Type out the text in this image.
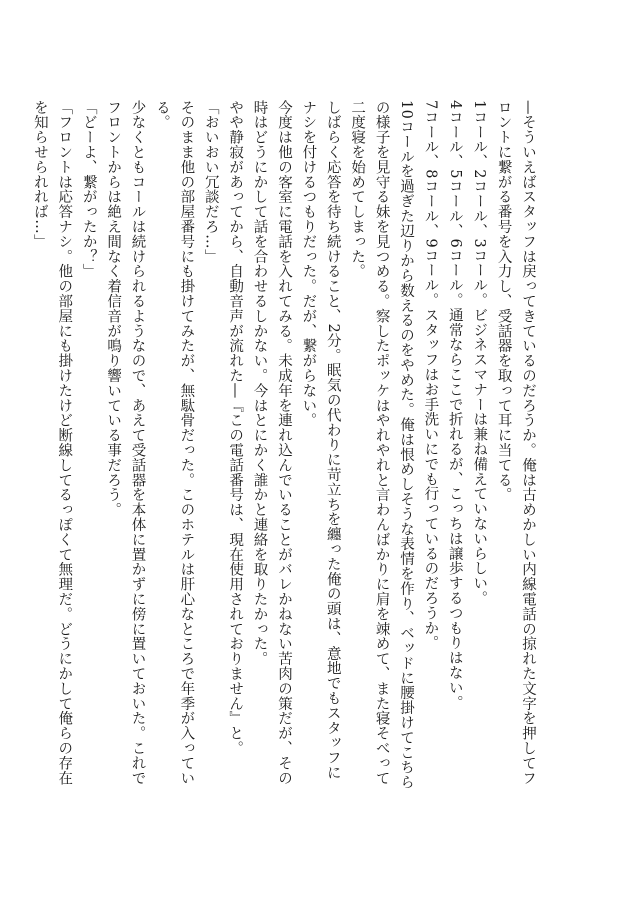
—そういえばスタッフは戻ってきているのだろうか。俺は古めかしい内線電話の掠れた文字を押してフロントに繋がる番号を入力し、受話器を取って耳に当てる。

1コール、2コール、3コール。ビジネスマナーは兼ね備えていないらしい。

4コール、5コール、6コール。通常ならここで折れるが、こっちは譲歩するつもりはない。

7コール、8コール、9コール。スタッフはお手洗いにでも行っているのだろうか。

10コールを過ぎた辺りから数えるのをやめた。俺は恨めしそうな表情を作り、ベッドに腰掛けてこちらの様子を見守る妹を見つめる。察したポッケはやれやれと言わんばかりに肩を竦めて、また寝そべって二度寝を始めてしまった。

しばらく応答を待ち続けること、2分。眠気の代わりに苛立ちを纏った俺の頭は、意地でもスタッフにナシを付けるつもりだった。だが、繋がらない。

今度は他の客室に電話を入れてみる。未成年を連れ込んでいることがバレかねない苦肉の策だが、その時はどうにかして話を合わせるしかない。今はとにかく誰かと連絡を取りたかった。

やや静寂があってから、自動音声が流れた―『この電話番号は、現在使用されておりません』と。

「おいおい冗談だろ…」

そのまま他の部屋番号にも掛けてみたが、無駄骨だった。このホテルは肝心なところで年季が入っている。

少なくともコールは続けられるようなので、あえて受話器を本体に置かずに傍に置いておいた。これでフロントからは絶え間なく着信音が鳴り響いている事だろう。

「どーよ、繋がったか？」

「フロントは応答ナシ。他の部屋にも掛けたけど断線してるっぽくて無理だ。どうにかして俺らの存在を知らせられれば…」
